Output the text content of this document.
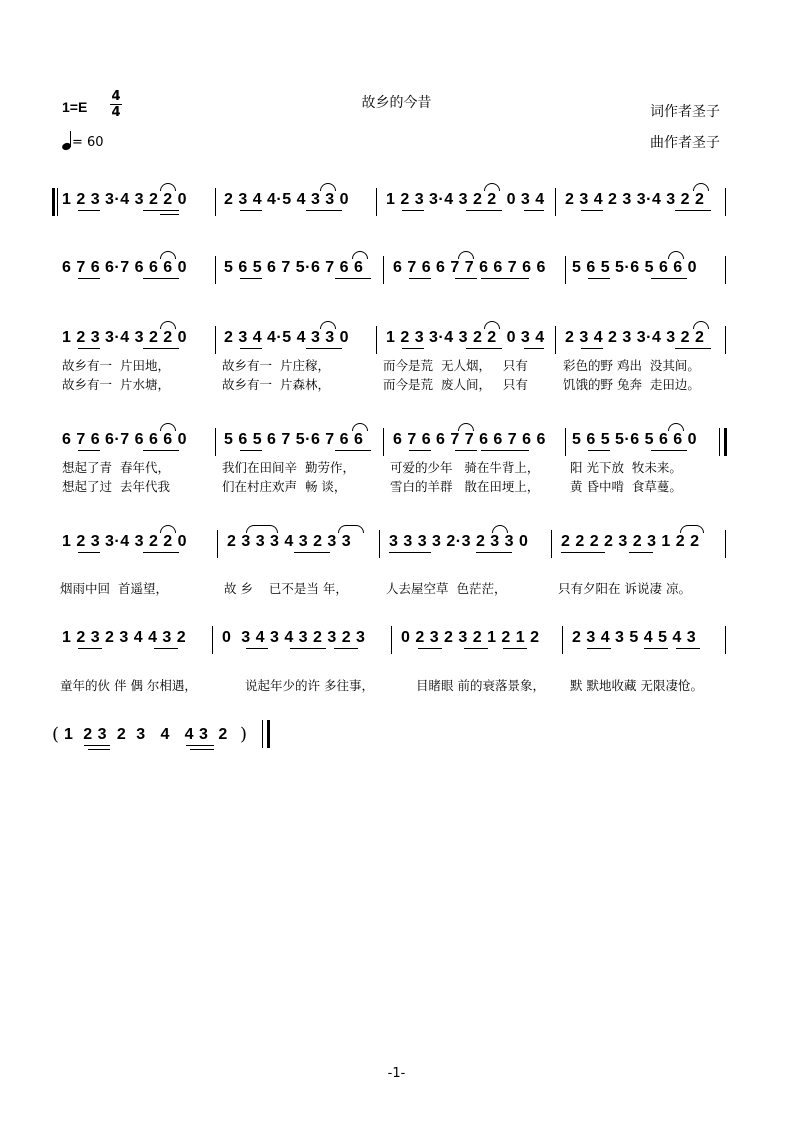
1=E
4
4
= 60
故乡的今昔
词作者圣子
曲作者圣子
1 2 3 3·4 3 2 2 0 2 3 4 4·5 4 3 3 0 1 2 3 3·4 3 2 2  0 3 4 2 3 4 2 3 3·4 3 2 2
6 7 6 6·7 6 6 6 0 5 6 5 6 7 5·6 7 6 6 6 7 6 6 7 7 6 6 7 6 6 5 6 5 5·6 5 6 6 0
1 2 3 3·4 3 2 2 0 2 3 4 4·5 4 3 3 0 1 2 3 3·4 3 2 2  0 3 4 2 3 4 2 3 3·4 3 2 2
故乡有一  片田地，	故乡有一  片庄稼，	而今是荒  无人烟，   只有	彩色的野 鸡出  没其间。
故乡有一  片水塘，	故乡有一  片森林，	而今是荒  废人间，   只有	饥饿的野 兔奔  走田边。
6 7 6 6·7 6 6 6 0 5 6 5 6 7 5·6 7 6 6 6 7 6 6 7 7 6 6 7 6 6 5 6 5 5·6 5 6 6 0
想起了青  春年代，	我们在田间辛  勤劳作，	可爱的少年   骑在牛背上， 阳 光下放  牧未来。
想起了过  去年代我	们在村庄欢声  畅 谈，	雪白的羊群   散在田埂上， 黄 昏中啃  食草蔓。
1 2 3 3·4 3 2 2 0 2 3 3 3 4 3 2 3 3 3 3 3 3 2·3 2 3 3 0 2 2 2 2 3 2 3 1 2 2
烟雨中回  首遥望，	故 乡    已不是当 年，	人去屋空草  色茫茫，	只有夕阳在 诉说凄 凉。
1 2 3 2 3 4 4 3 2 0  3 4 3 4 3 2 3 2 3 0 2 3 2 3 2 1 2 1 2 2 3 4 3 5 4 5 4 3
童年的伙 伴 偶 尔相遇，	说起年少的许 多往事，	目睹眼 前的衰落景象， 默 默地收藏 无限凄怆。
( 1  2 3  2  3   4   4 3  2 )
-1-
